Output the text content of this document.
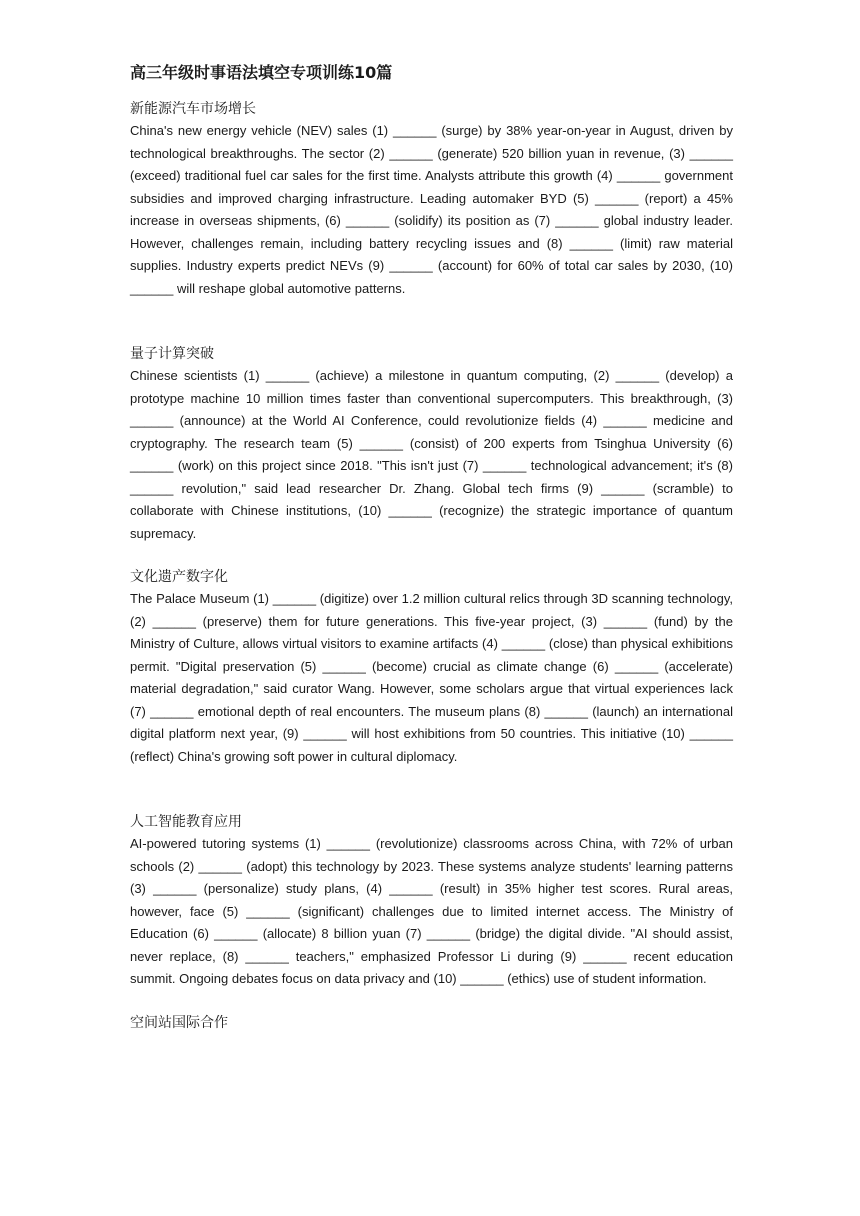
高三年级时事语法填空专项训练10篇
新能源汽车市场增长

China's new energy vehicle (NEV) sales (1) ______ (surge) by 38% year-on-year in August, driven by technological breakthroughs. The sector (2) ______ (generate) 520 billion yuan in revenue, (3) ______ (exceed) traditional fuel car sales for the first time. Analysts attribute this growth (4) ______ government subsidies and improved charging infrastructure. Leading automaker BYD (5) ______ (report) a 45% increase in overseas shipments, (6) ______ (solidify) its position as (7) ______ global industry leader. However, challenges remain, including battery recycling issues and (8) ______ (limit) raw material supplies. Industry experts predict NEVs (9) ______ (account) for 60% of total car sales by 2030, (10) ______ will reshape global automotive patterns.

量子计算突破

Chinese scientists (1) ______ (achieve) a milestone in quantum computing, (2) ______ (develop) a prototype machine 10 million times faster than conventional supercomputers. This breakthrough, (3) ______ (announce) at the World AI Conference, could revolutionize fields (4) ______ medicine and cryptography. The research team (5) ______ (consist) of 200 experts from Tsinghua University (6) ______ (work) on this project since 2018. "This isn't just (7) ______ technological advancement; it's (8) ______ revolution," said lead researcher Dr. Zhang. Global tech firms (9) ______ (scramble) to collaborate with Chinese institutions, (10) ______ (recognize) the strategic importance of quantum supremacy.

文化遗产数字化

The Palace Museum (1) ______ (digitize) over 1.2 million cultural relics through 3D scanning technology, (2) ______ (preserve) them for future generations. This five-year project, (3) ______ (fund) by the Ministry of Culture, allows virtual visitors to examine artifacts (4) ______ (close) than physical exhibitions permit. "Digital preservation (5) ______ (become) crucial as climate change (6) ______ (accelerate) material degradation," said curator Wang. However, some scholars argue that virtual experiences lack (7) ______ emotional depth of real encounters. The museum plans (8) ______ (launch) an international digital platform next year, (9) ______ will host exhibitions from 50 countries. This initiative (10) ______ (reflect) China's growing soft power in cultural diplomacy.

人工智能教育应用

AI-powered tutoring systems (1) ______ (revolutionize) classrooms across China, with 72% of urban schools (2) ______ (adopt) this technology by 2023. These systems analyze students' learning patterns (3) ______ (personalize) study plans, (4) ______ (result) in 35% higher test scores. Rural areas, however, face (5) ______ (significant) challenges due to limited internet access. The Ministry of Education (6) ______ (allocate) 8 billion yuan (7) ______ (bridge) the digital divide. "AI should assist, never replace, (8) ______ teachers," emphasized Professor Li during (9) ______ recent education summit. Ongoing debates focus on data privacy and (10) ______ (ethics) use of student information.

空间站国际合作
